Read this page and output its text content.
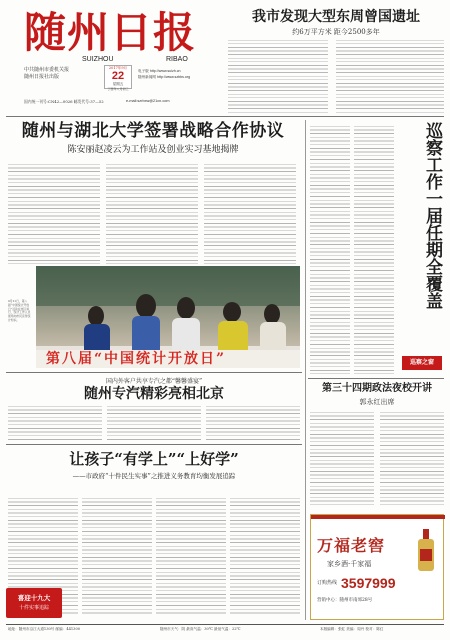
随州日报
SUIZHOU	RIBAO
中共随州市委机关报
随州日报社出版
2017年9月
22
星期五
丁酉年八月初三
电子版 http://www.suizh.cn
随州新闻网 http://www.szbbs.org
国内统一刊号:CN42—0026 邮发代号:37—52	e-mail:szrbxw@21cn.com
我市发现大型东周曾国遗址
约6万平方米 距今2500多年
随州与湖北大学签署战略合作协议
陈安丽赵凌云为工作站及创业实习基地揭牌
第八届“中国统计开放日”
9月21日，第八届“中国统计开放日”活动在市区举行，统计工作人员现场向市民宣传统计知识。
国内外客户共享专汽之都“馨馨盛宴”
随州专汽精彩亮相北京
让孩子“有学上”“上好学”
——市政府“十件民生实事”之推进义务教育均衡发展追踪
喜迎十九大
十件实事追踪
巡察工作一届任期全覆盖
巡察之窗
第三十四期政法夜校开讲
郭永红出席
万福老窖
家乡酒·千家福
订购热线 3597999
营销中心：随州市南郊28号
地址：随州市沿江大道130号 邮编：441300	随州市天气：阴 最高气温：30℃ 最低气温：22℃	本版编辑：张虹 美编：周丹 校对：陈红
